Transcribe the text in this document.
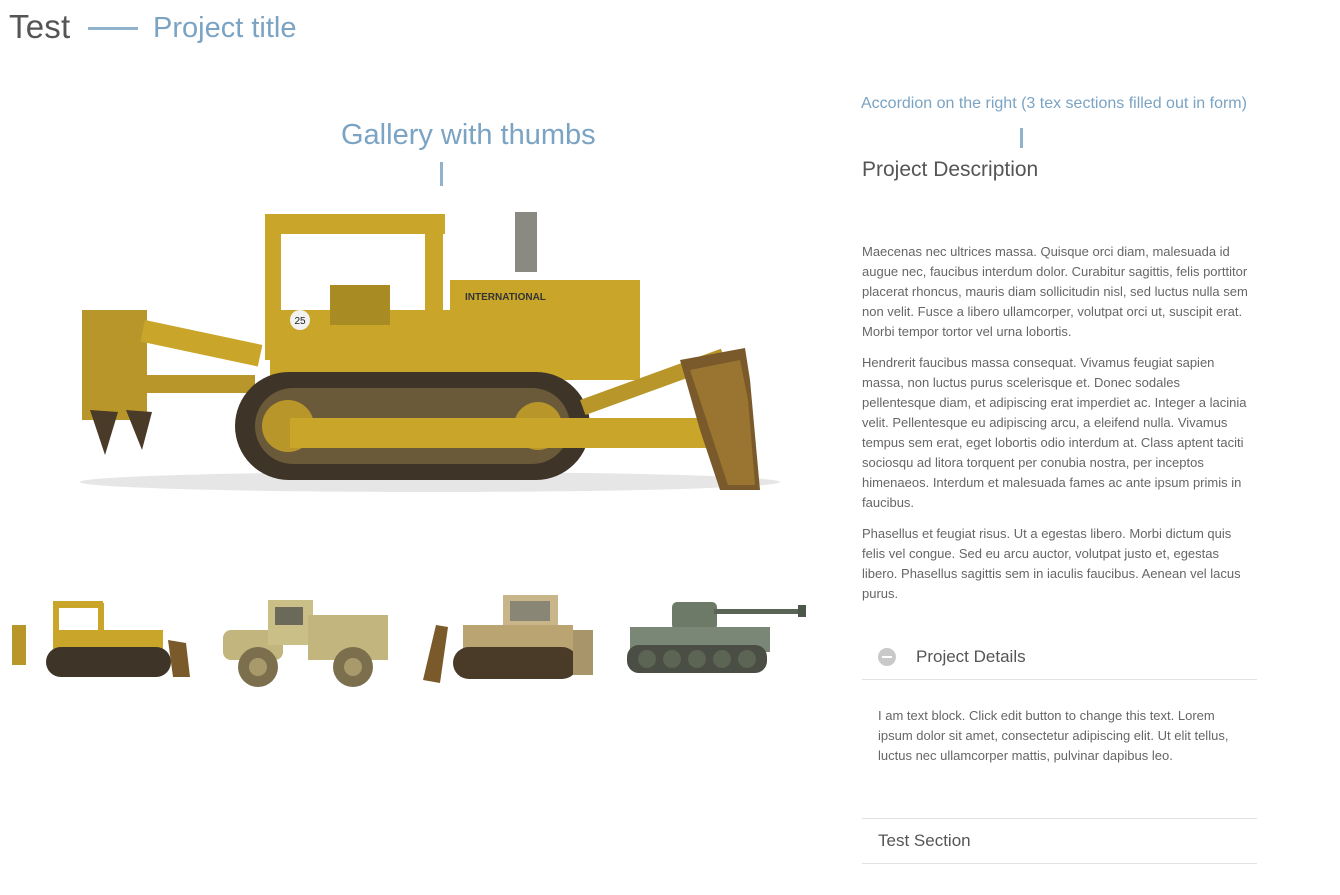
Test	Project title
Gallery with thumbs
Accordion on the right (3 tex sections filled out in form)
25
INTERNATIONAL
Project Description

Maecenas nec ultrices massa. Quisque orci diam, malesuada id augue nec, faucibus interdum dolor. Curabitur sagittis, felis porttitor placerat rhoncus, mauris diam sollicitudin nisl, sed luctus nulla sem non velit. Fusce a libero ullamcorper, volutpat orci ut, suscipit erat. Morbi tempor tortor vel urna lobortis.

Hendrerit faucibus massa consequat. Vivamus feugiat sapien massa, non luctus purus scelerisque et. Donec sodales pellentesque diam, et adipiscing erat imperdiet ac. Integer a lacinia velit. Pellentesque eu adipiscing arcu, a eleifend nulla. Vivamus tempus sem erat, eget lobortis odio interdum at. Class aptent taciti sociosqu ad litora torquent per conubia nostra, per inceptos himenaeos. Interdum et malesuada fames ac ante ipsum primis in faucibus.

Phasellus et feugiat risus. Ut a egestas libero. Morbi dictum quis felis vel congue. Sed eu arcu auctor, volutpat justo et, egestas libero. Phasellus sagittis sem in iaculis faucibus. Aenean vel lacus purus.

Project Details
I am text block. Click edit button to change this text. Lorem ipsum dolor sit amet, consectetur adipiscing elit. Ut elit tellus, luctus nec ullamcorper mattis, pulvinar dapibus leo.
Test Section
